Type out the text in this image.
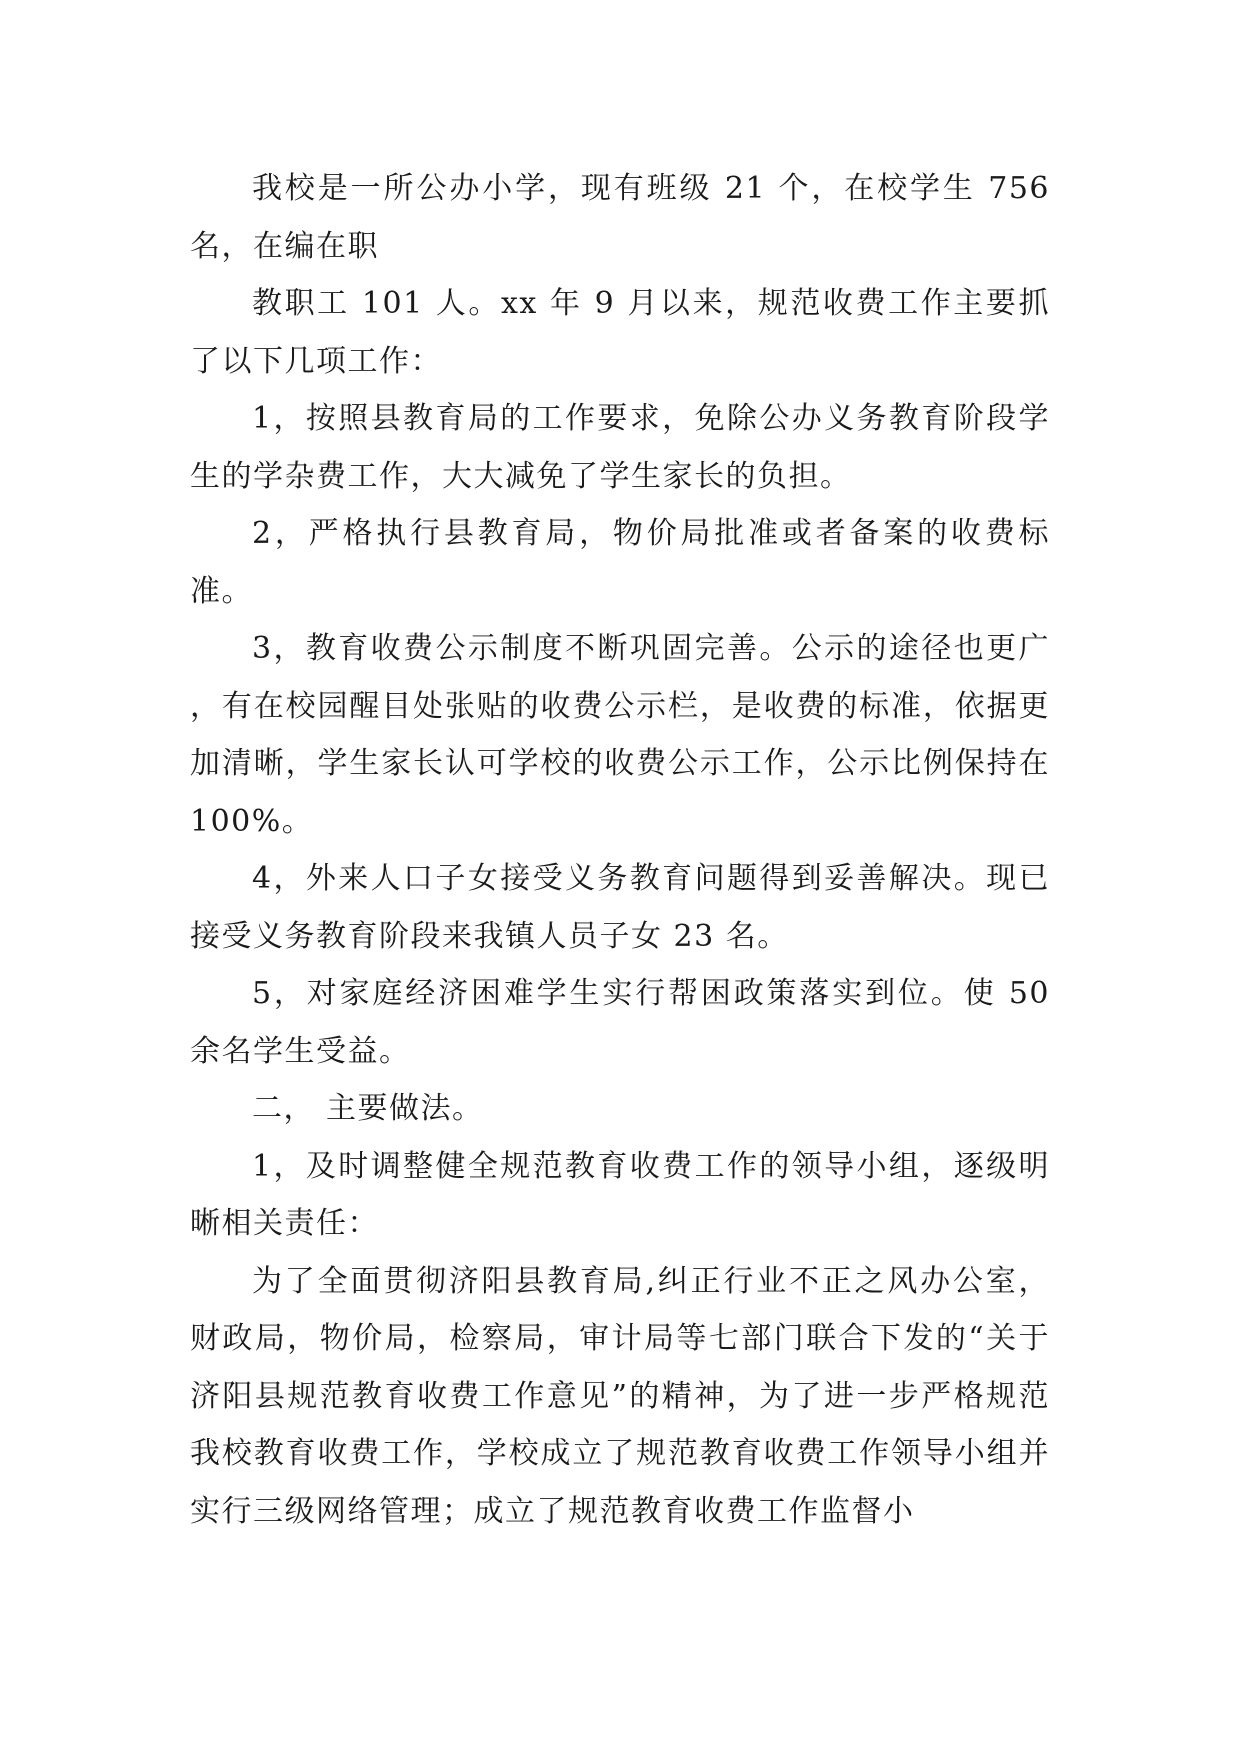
我校是一所公办小学，现有班级 21 个，在校学生 756 名，在编在职

教职工 101 人。xx 年 9 月以来，规范收费工作主要抓了以下几项工作：

1，按照县教育局的工作要求，免除公办义务教育阶段学生的学杂费工作，大大减免了学生家长的负担。

2，严格执行县教育局，物价局批准或者备案的收费标准。

3，教育收费公示制度不断巩固完善。公示的途径也更广 ，有在校园醒目处张贴的收费公示栏，是收费的标准，依据更加清晰，学生家长认可学校的收费公示工作，公示比例保持在 100%。

4，外来人口子女接受义务教育问题得到妥善解决。现已接受义务教育阶段来我镇人员子女 23 名。

5，对家庭经济困难学生实行帮困政策落实到位。使 50 余名学生受益。

二， 主要做法。

1，及时调整健全规范教育收费工作的领导小组，逐级明晰相关责任：

为了全面贯彻济阳县教育局,纠正行业不正之风办公室，财政局，物价局，检察局，审计局等七部门联合下发的“关于济阳县规范教育收费工作意见”的精神，为了进一步严格规范我校教育收费工作，学校成立了规范教育收费工作领导小组并实行三级网络管理；成立了规范教育收费工作监督小
